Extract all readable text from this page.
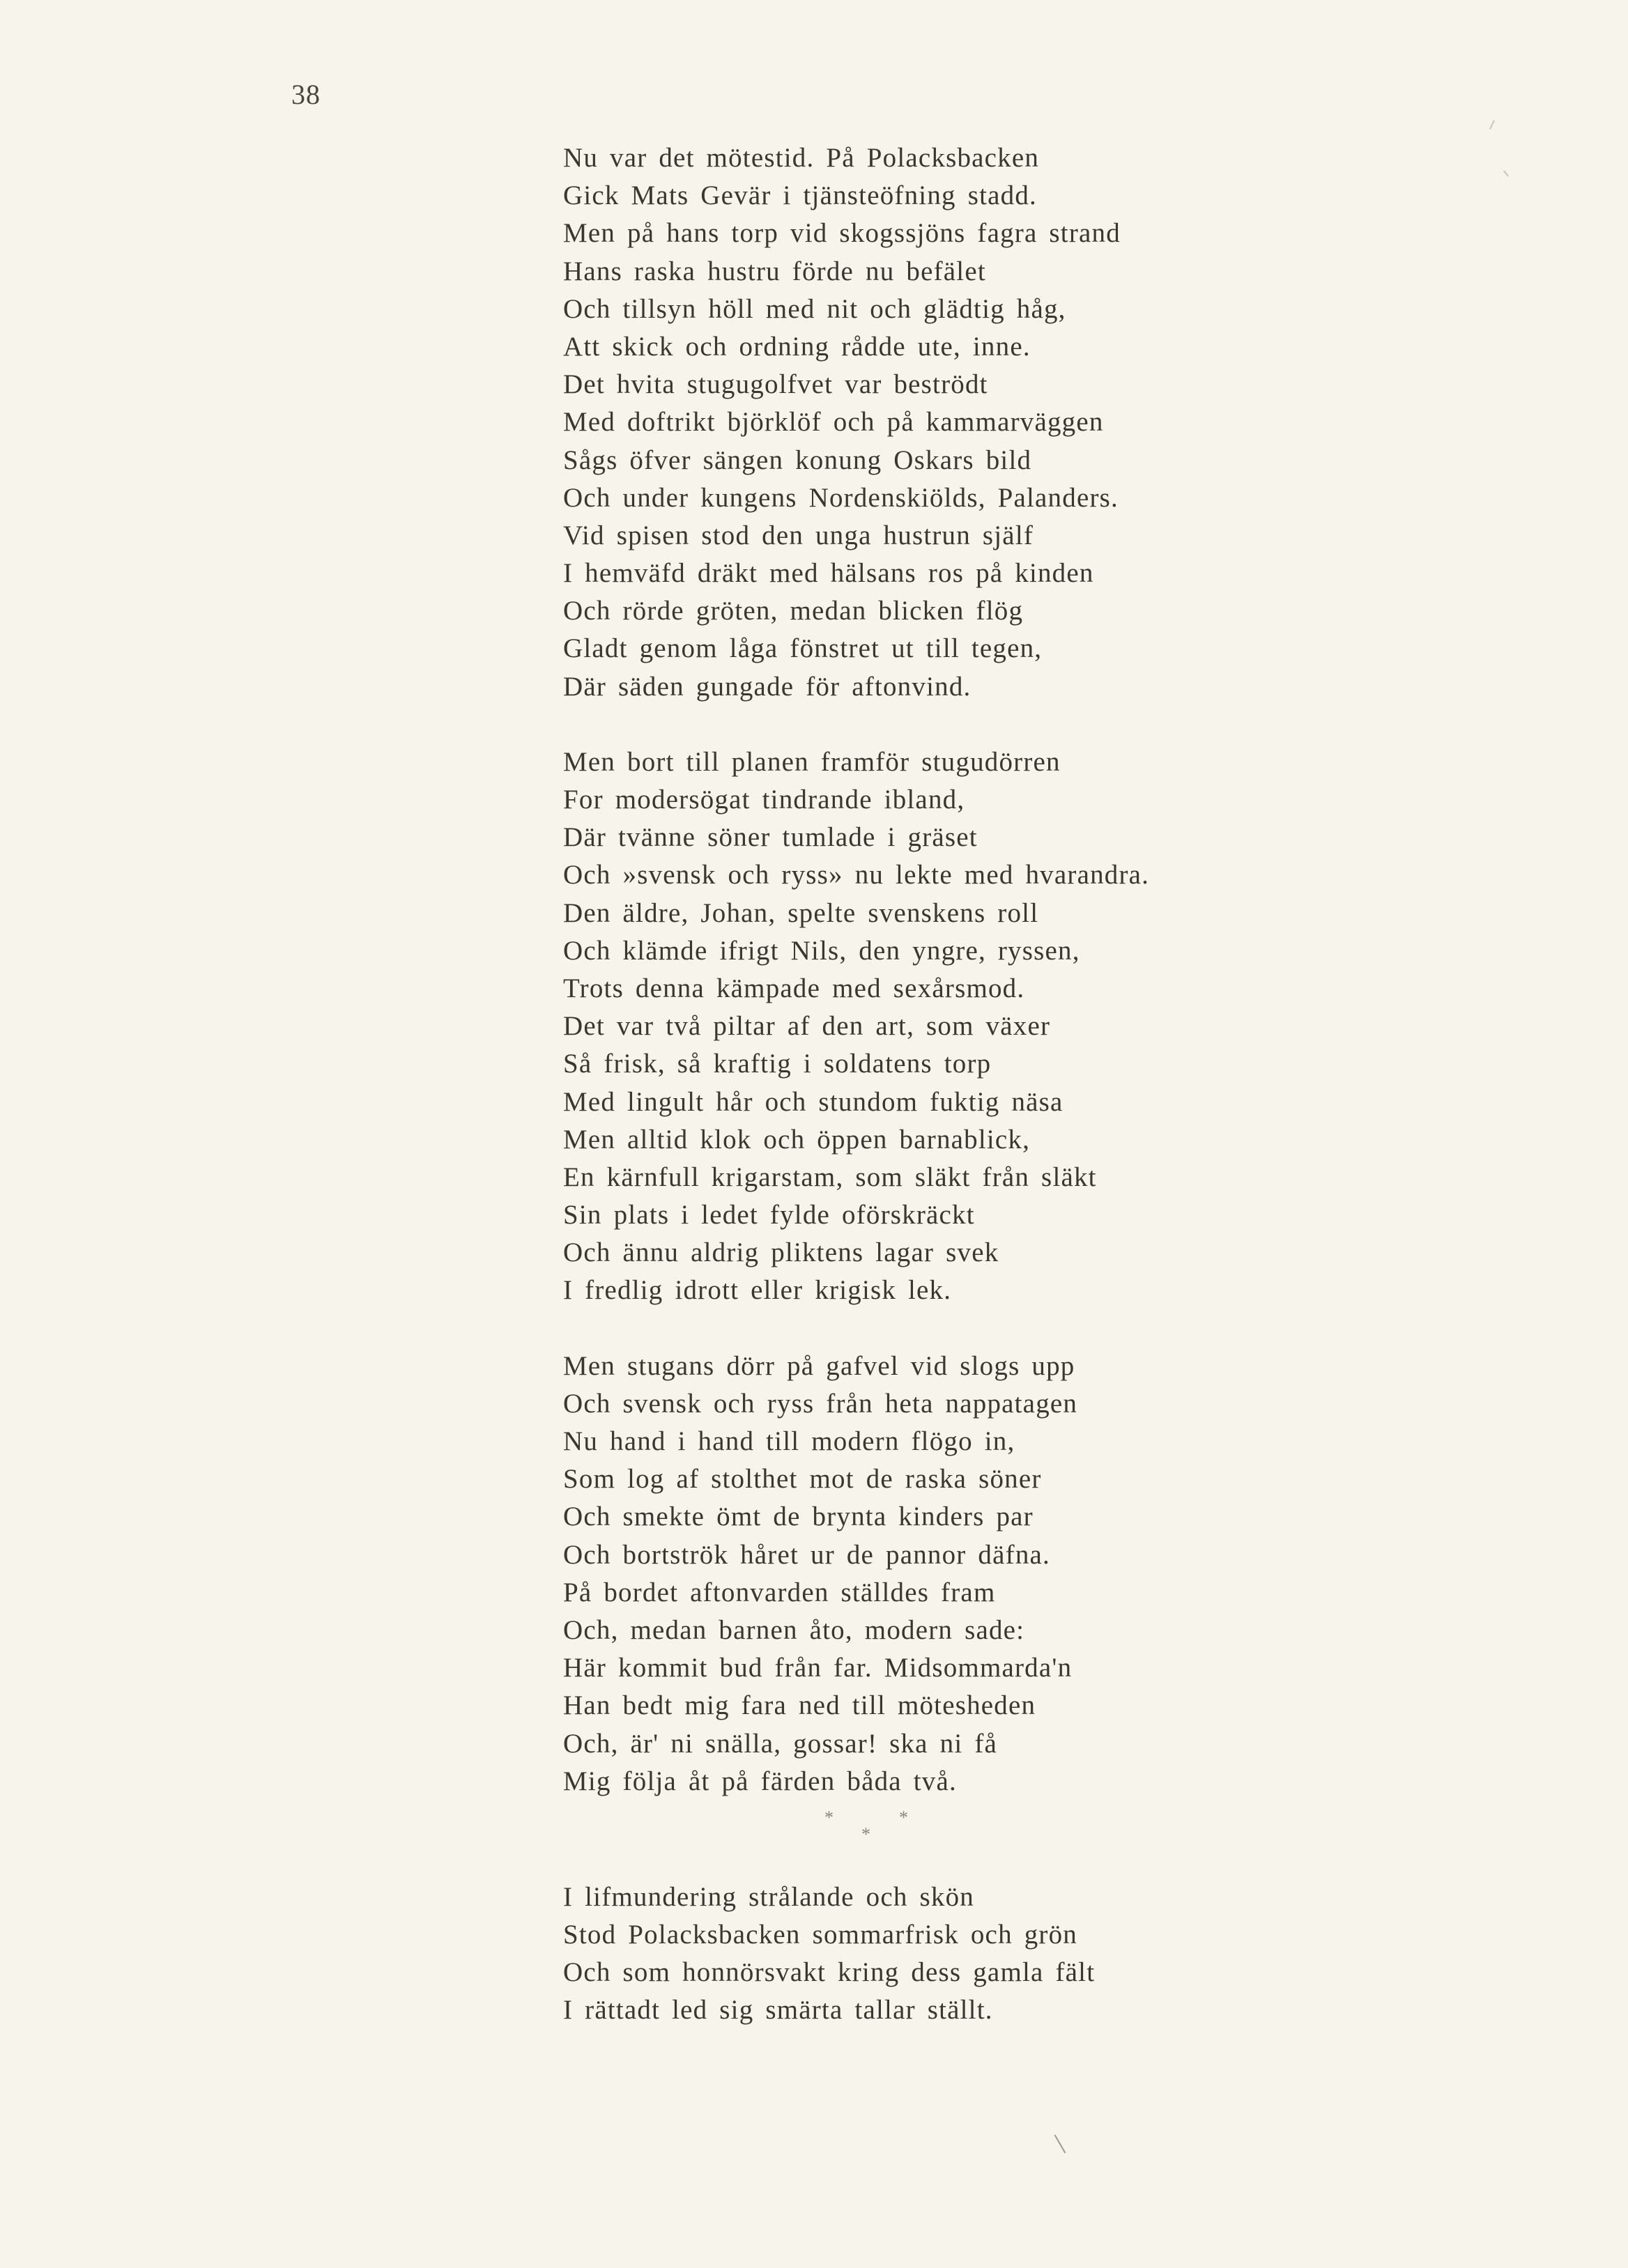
38
Nu var det mötestid. På Polacksbacken
Gick Mats Gevär i tjänsteöfning stadd.
Men på hans torp vid skogssjöns fagra strand
Hans raska hustru förde nu befälet
Och tillsyn höll med nit och glädtig håg,
Att skick och ordning rådde ute, inne.
Det hvita stugugolfvet var beströdt
Med doftrikt björklöf och på kammarväggen
Sågs öfver sängen konung Oskars bild
Och under kungens Nordenskiölds, Palanders.
Vid spisen stod den unga hustrun själf
I hemväfd dräkt med hälsans ros på kinden
Och rörde gröten, medan blicken flög
Gladt genom låga fönstret ut till tegen,
Där säden gungade för aftonvind.
Men bort till planen framför stugudörren
For modersögat tindrande ibland,
Där tvänne söner tumlade i gräset
Och »svensk och ryss» nu lekte med hvarandra.
Den äldre, Johan, spelte svenskens roll
Och klämde ifrigt Nils, den yngre, ryssen,
Trots denna kämpade med sexårsmod.
Det var två piltar af den art, som växer
Så frisk, så kraftig i soldatens torp
Med lingult hår och stundom fuktig näsa
Men alltid klok och öppen barnablick,
En kärnfull krigarstam, som släkt från släkt
Sin plats i ledet fylde oförskräckt
Och ännu aldrig pliktens lagar svek
I fredlig idrott eller krigisk lek.
Men stugans dörr på gafvel vid slogs upp
Och svensk och ryss från heta nappatagen
Nu hand i hand till modern flögo in,
Som log af stolthet mot de raska söner
Och smekte ömt de brynta kinders par
Och bortströk håret ur de pannor däfna.
På bordet aftonvarden ställdes fram
Och, medan barnen åto, modern sade:
Här kommit bud från far. Midsommarda'n
Han bedt mig fara ned till mötesheden
Och, är' ni snälla, gossar! ska ni få
Mig följa åt på färden båda två.
*	*
*
I lifmundering strålande och skön
Stod Polacksbacken sommarfrisk och grön
Och som honnörsvakt kring dess gamla fält
I rättadt led sig smärta tallar ställt.
